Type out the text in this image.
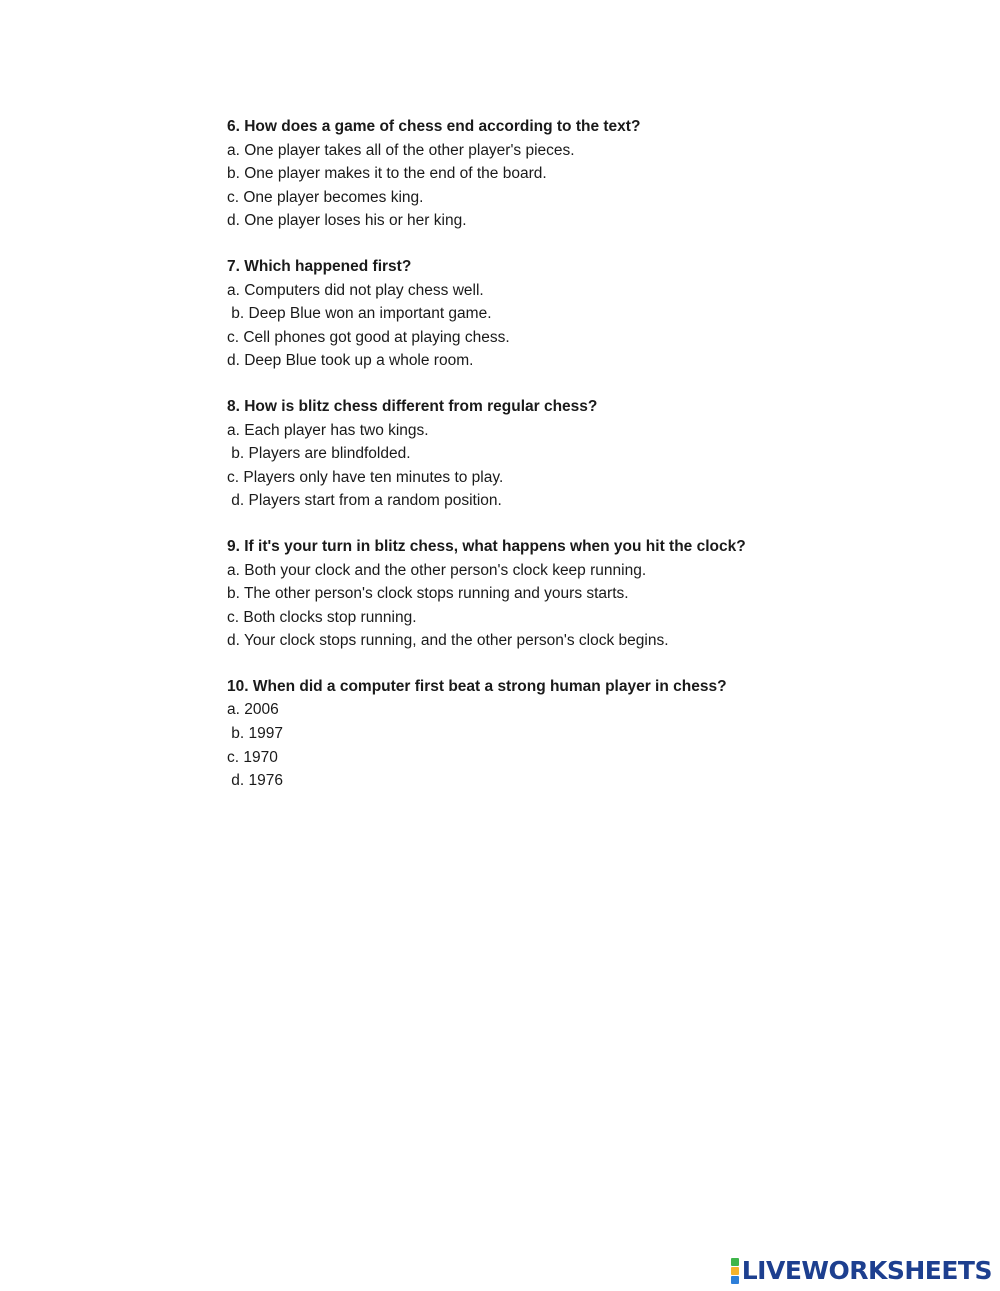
6. How does a game of chess end according to the text?

a. One player takes all of the other player's pieces.

b. One player makes it to the end of the board.

c. One player becomes king.

d. One player loses his or her king.

7. Which happened first?

a. Computers did not play chess well.

b. Deep Blue won an important game.

c. Cell phones got good at playing chess.

d. Deep Blue took up a whole room.

8. How is blitz chess different from regular chess?

a. Each player has two kings.

b. Players are blindfolded.

c. Players only have ten minutes to play.

d. Players start from a random position.

9. If it's your turn in blitz chess, what happens when you hit the clock?

a. Both your clock and the other person's clock keep running.

b. The other person's clock stops running and yours starts.

c. Both clocks stop running.

d. Your clock stops running, and the other person's clock begins.

10. When did a computer first beat a strong human player in chess?

a. 2006

b. 1997

c. 1970

d. 1976

LIVEWORKSHEETS
